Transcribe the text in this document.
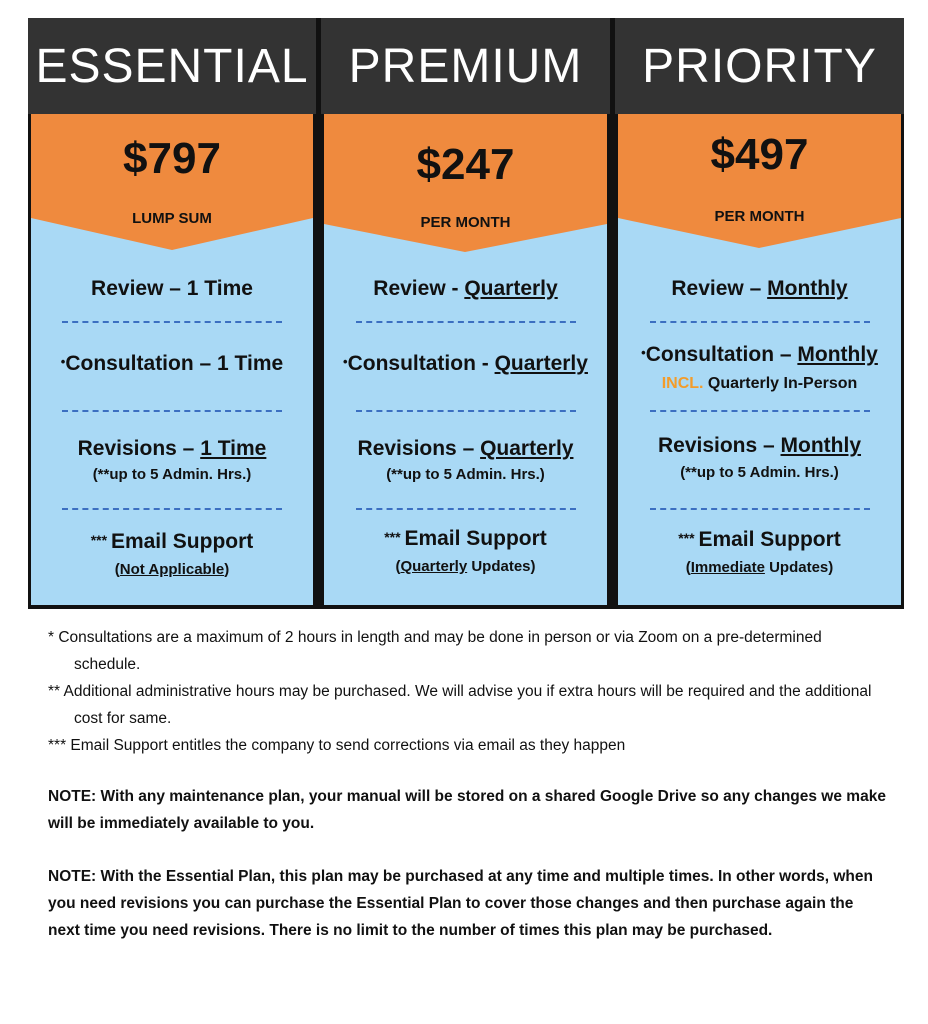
ESSENTIAL
$797
LUMP SUM
Review – 1 Time
•Consultation – 1 Time
Revisions – 1 Time
(**up to 5 Admin. Hrs.)
*** Email Support
(Not Applicable)
PREMIUM
$247
PER MONTH
Review - Quarterly
•Consultation - Quarterly
Revisions – Quarterly
(**up to 5 Admin. Hrs.)
*** Email Support
(Quarterly Updates)
PRIORITY
$497
PER MONTH
Review – Monthly
•Consultation – Monthly
INCL. Quarterly In-Person
Revisions – Monthly
(**up to 5 Admin. Hrs.)
*** Email Support
(Immediate Updates)
* Consultations are a maximum of 2 hours in length and may be done in person or via Zoom on a pre-determined schedule.
** Additional administrative hours may be purchased. We will advise you if extra hours will be required and the additional cost for same.
*** Email Support entitles the company to send corrections via email as they happen
NOTE: With any maintenance plan, your manual will be stored on a shared Google Drive so any changes we make will be immediately available to you.
NOTE: With the Essential Plan, this plan may be purchased at any time and multiple times. In other words, when you need revisions you can purchase the Essential Plan to cover those changes and then purchase again the next time you need revisions. There is no limit to the number of times this plan may be purchased.
